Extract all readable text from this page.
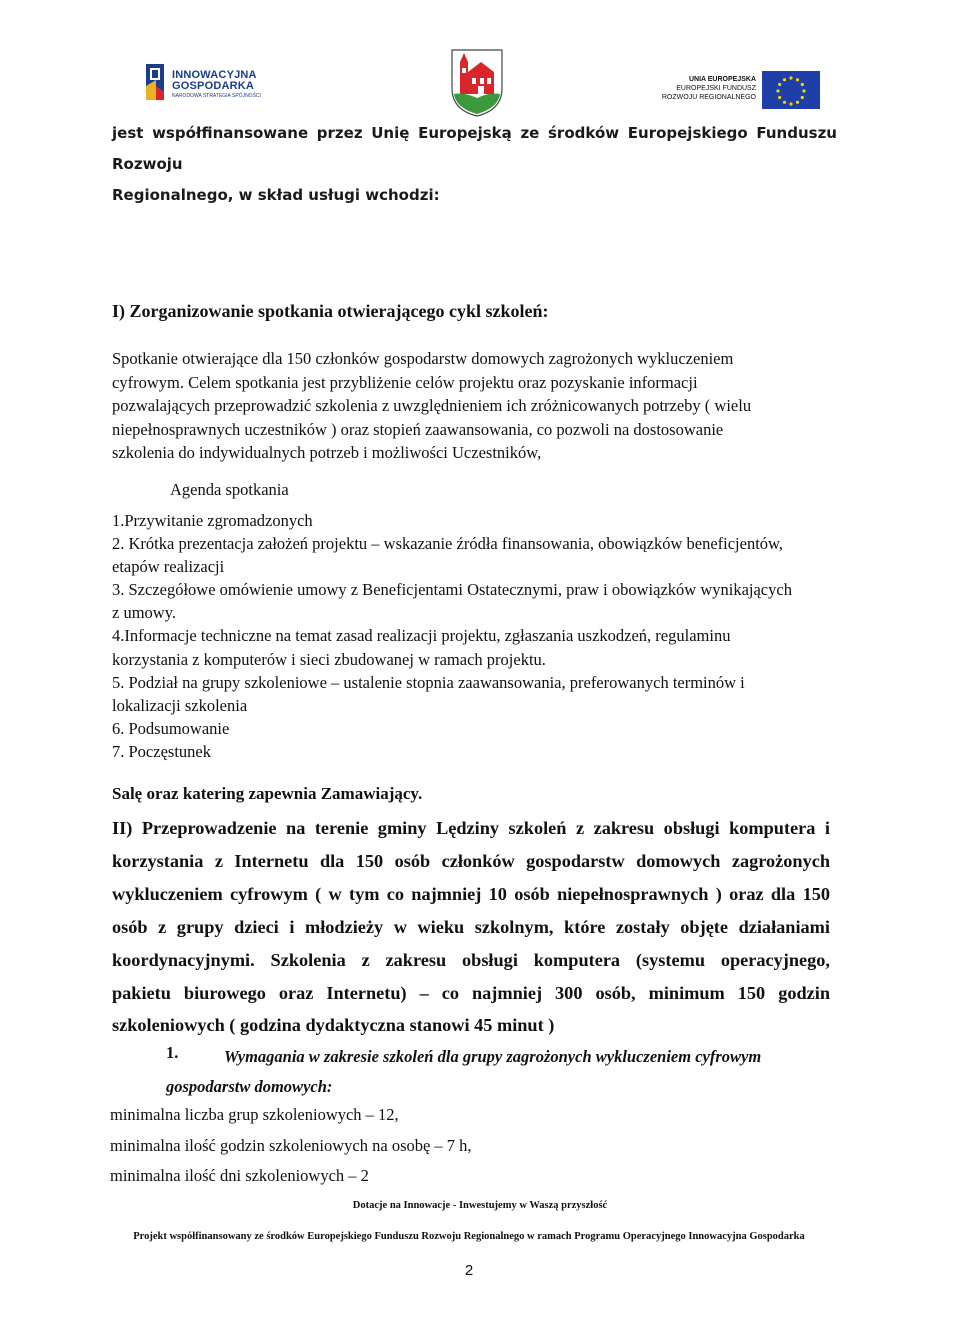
INNOWACYJNA
GOSPODARKA
NARODOWA STRATEGIA SPÓJNOŚCI
UNIA EUROPEJSKA
EUROPEJSKI FUNDUSZ
ROZWOJU REGIONALNEGO
jest współfinansowane przez Unię Europejską ze środków Europejskiego Funduszu Rozwoju
Regionalnego, w skład usługi wchodzi:
I) Zorganizowanie spotkania otwierającego cykl szkoleń:
Spotkanie otwierające dla 150 członków gospodarstw domowych zagrożonych wykluczeniem
cyfrowym. Celem spotkania jest przybliżenie celów projektu oraz pozyskanie informacji
pozwalających przeprowadzić szkolenia z uwzględnieniem ich zróżnicowanych potrzeby ( wielu
niepełnosprawnych uczestników ) oraz stopień zaawansowania, co pozwoli na dostosowanie
szkolenia do indywidualnych potrzeb i możliwości Uczestników,
Agenda spotkania
1.Przywitanie zgromadzonych
2. Krótka prezentacja założeń projektu – wskazanie źródła finansowania, obowiązków beneficjentów,
etapów realizacji
3. Szczegółowe omówienie umowy z Beneficjentami Ostatecznymi, praw i obowiązków wynikających
z umowy.
4.Informacje techniczne na temat zasad realizacji projektu, zgłaszania uszkodzeń, regulaminu
korzystania z komputerów i sieci zbudowanej w ramach projektu.
5. Podział na grupy szkoleniowe – ustalenie stopnia zaawansowania, preferowanych terminów i
lokalizacji szkolenia
6. Podsumowanie
7. Poczęstunek
Salę oraz katering zapewnia Zamawiający.
II) Przeprowadzenie na terenie gminy Lędziny szkoleń z zakresu obsługi komputera i
korzystania z Internetu dla 150 osób członków gospodarstw domowych zagrożonych
wykluczeniem cyfrowym ( w tym co najmniej 10 osób niepełnosprawnych ) oraz dla 150
osób z grupy dzieci i młodzieży w wieku szkolnym, które zostały objęte działaniami
koordynacyjnymi. Szkolenia z zakresu obsługi komputera (systemu operacyjnego,
pakietu biurowego oraz Internetu) – co najmniej 300 osób, minimum 150 godzin
szkoleniowych ( godzina dydaktyczna stanowi 45 minut )
1.	Wymagania w zakresie szkoleń dla grupy zagrożonych wykluczeniem cyfrowym gospodarstw domowych:
minimalna liczba grup szkoleniowych – 12,
minimalna ilość godzin szkoleniowych na osobę – 7 h,
minimalna ilość dni szkoleniowych – 2
Dotacje na Innowacje - Inwestujemy w Waszą przyszłość
Projekt współfinansowany ze środków Europejskiego Funduszu Rozwoju Regionalnego w ramach Programu Operacyjnego Innowacyjna Gospodarka
2
